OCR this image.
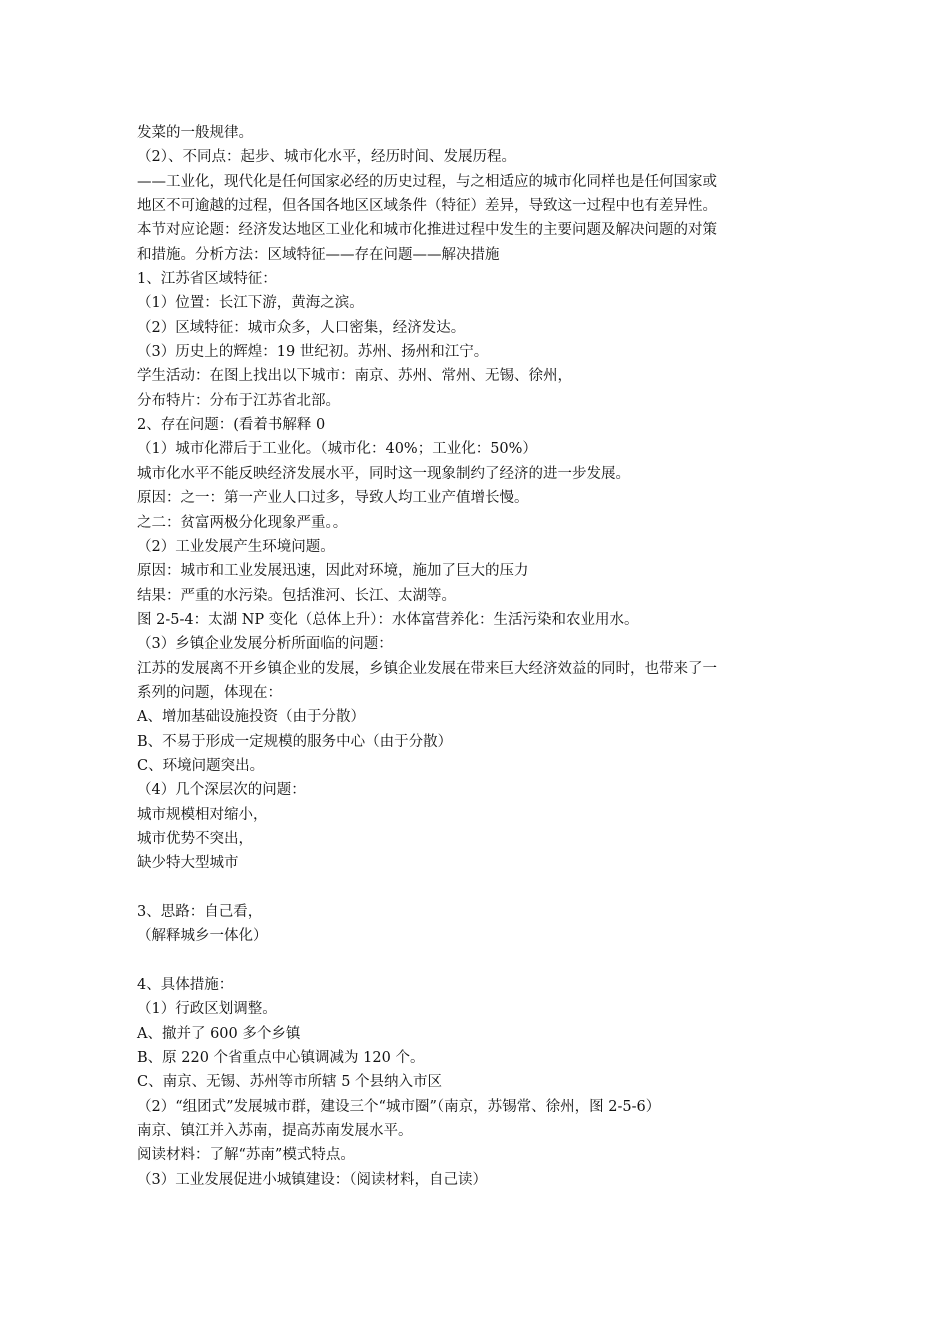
发菜的一般规律。
（2）、不同点：起步、城市化水平，经历时间、发展历程。
——工业化，现代化是任何国家必经的历史过程，与之相适应的城市化同样也是任何国家或
地区不可逾越的过程，但各国各地区区域条件（特征）差异，导致这一过程中也有差异性。
本节对应论题：经济发达地区工业化和城市化推进过程中发生的主要问题及解决问题的对策
和措施。分析方法：区域特征——存在问题——解决措施
1、江苏省区域特征：
（1）位置：长江下游，黄海之滨。
（2）区域特征：城市众多，人口密集，经济发达。
（3）历史上的辉煌：19 世纪初。苏州、扬州和江宁。
学生活动：在图上找出以下城市：南京、苏州、常州、无锡、徐州，
分布特片：分布于江苏省北部。
2、存在问题：(看着书解释 0
（1）城市化滞后于工业化。（城市化：40%；工业化：50%）
城市化水平不能反映经济发展水平，同时这一现象制约了经济的进一步发展。
原因：之一：第一产业人口过多，导致人均工业产值增长慢。
之二：贫富两极分化现象严重。。
（2）工业发展产生环境问题。
原因：城市和工业发展迅速，因此对环境，施加了巨大的压力
结果：严重的水污染。包括淮河、长江、太湖等。
图 2-5-4：太湖 NP 变化（总体上升）：水体富营养化：生活污染和农业用水。
（3）乡镇企业发展分析所面临的问题：
江苏的发展离不开乡镇企业的发展，乡镇企业发展在带来巨大经济效益的同时，也带来了一
系列的问题，体现在：
A、增加基础设施投资（由于分散）
B、不易于形成一定规模的服务中心（由于分散）
C、环境问题突出。
（4）几个深层次的问题：
城市规模相对缩小，
城市优势不突出，
缺少特大型城市
3、思路：自己看，
（解释城乡一体化）
4、具体措施：
（1）行政区划调整。
A、撤并了 600 多个乡镇
B、原 220 个省重点中心镇调减为 120 个。
C、南京、无锡、苏州等市所辖 5 个县纳入市区
（2）“组团式”发展城市群，建设三个“城市圈”（南京，苏锡常、徐州，图 2-5-6）
南京、镇江并入苏南，提高苏南发展水平。
阅读材料：了解“苏南”模式特点。
（3）工业发展促进小城镇建设：（阅读材料，自己读）
